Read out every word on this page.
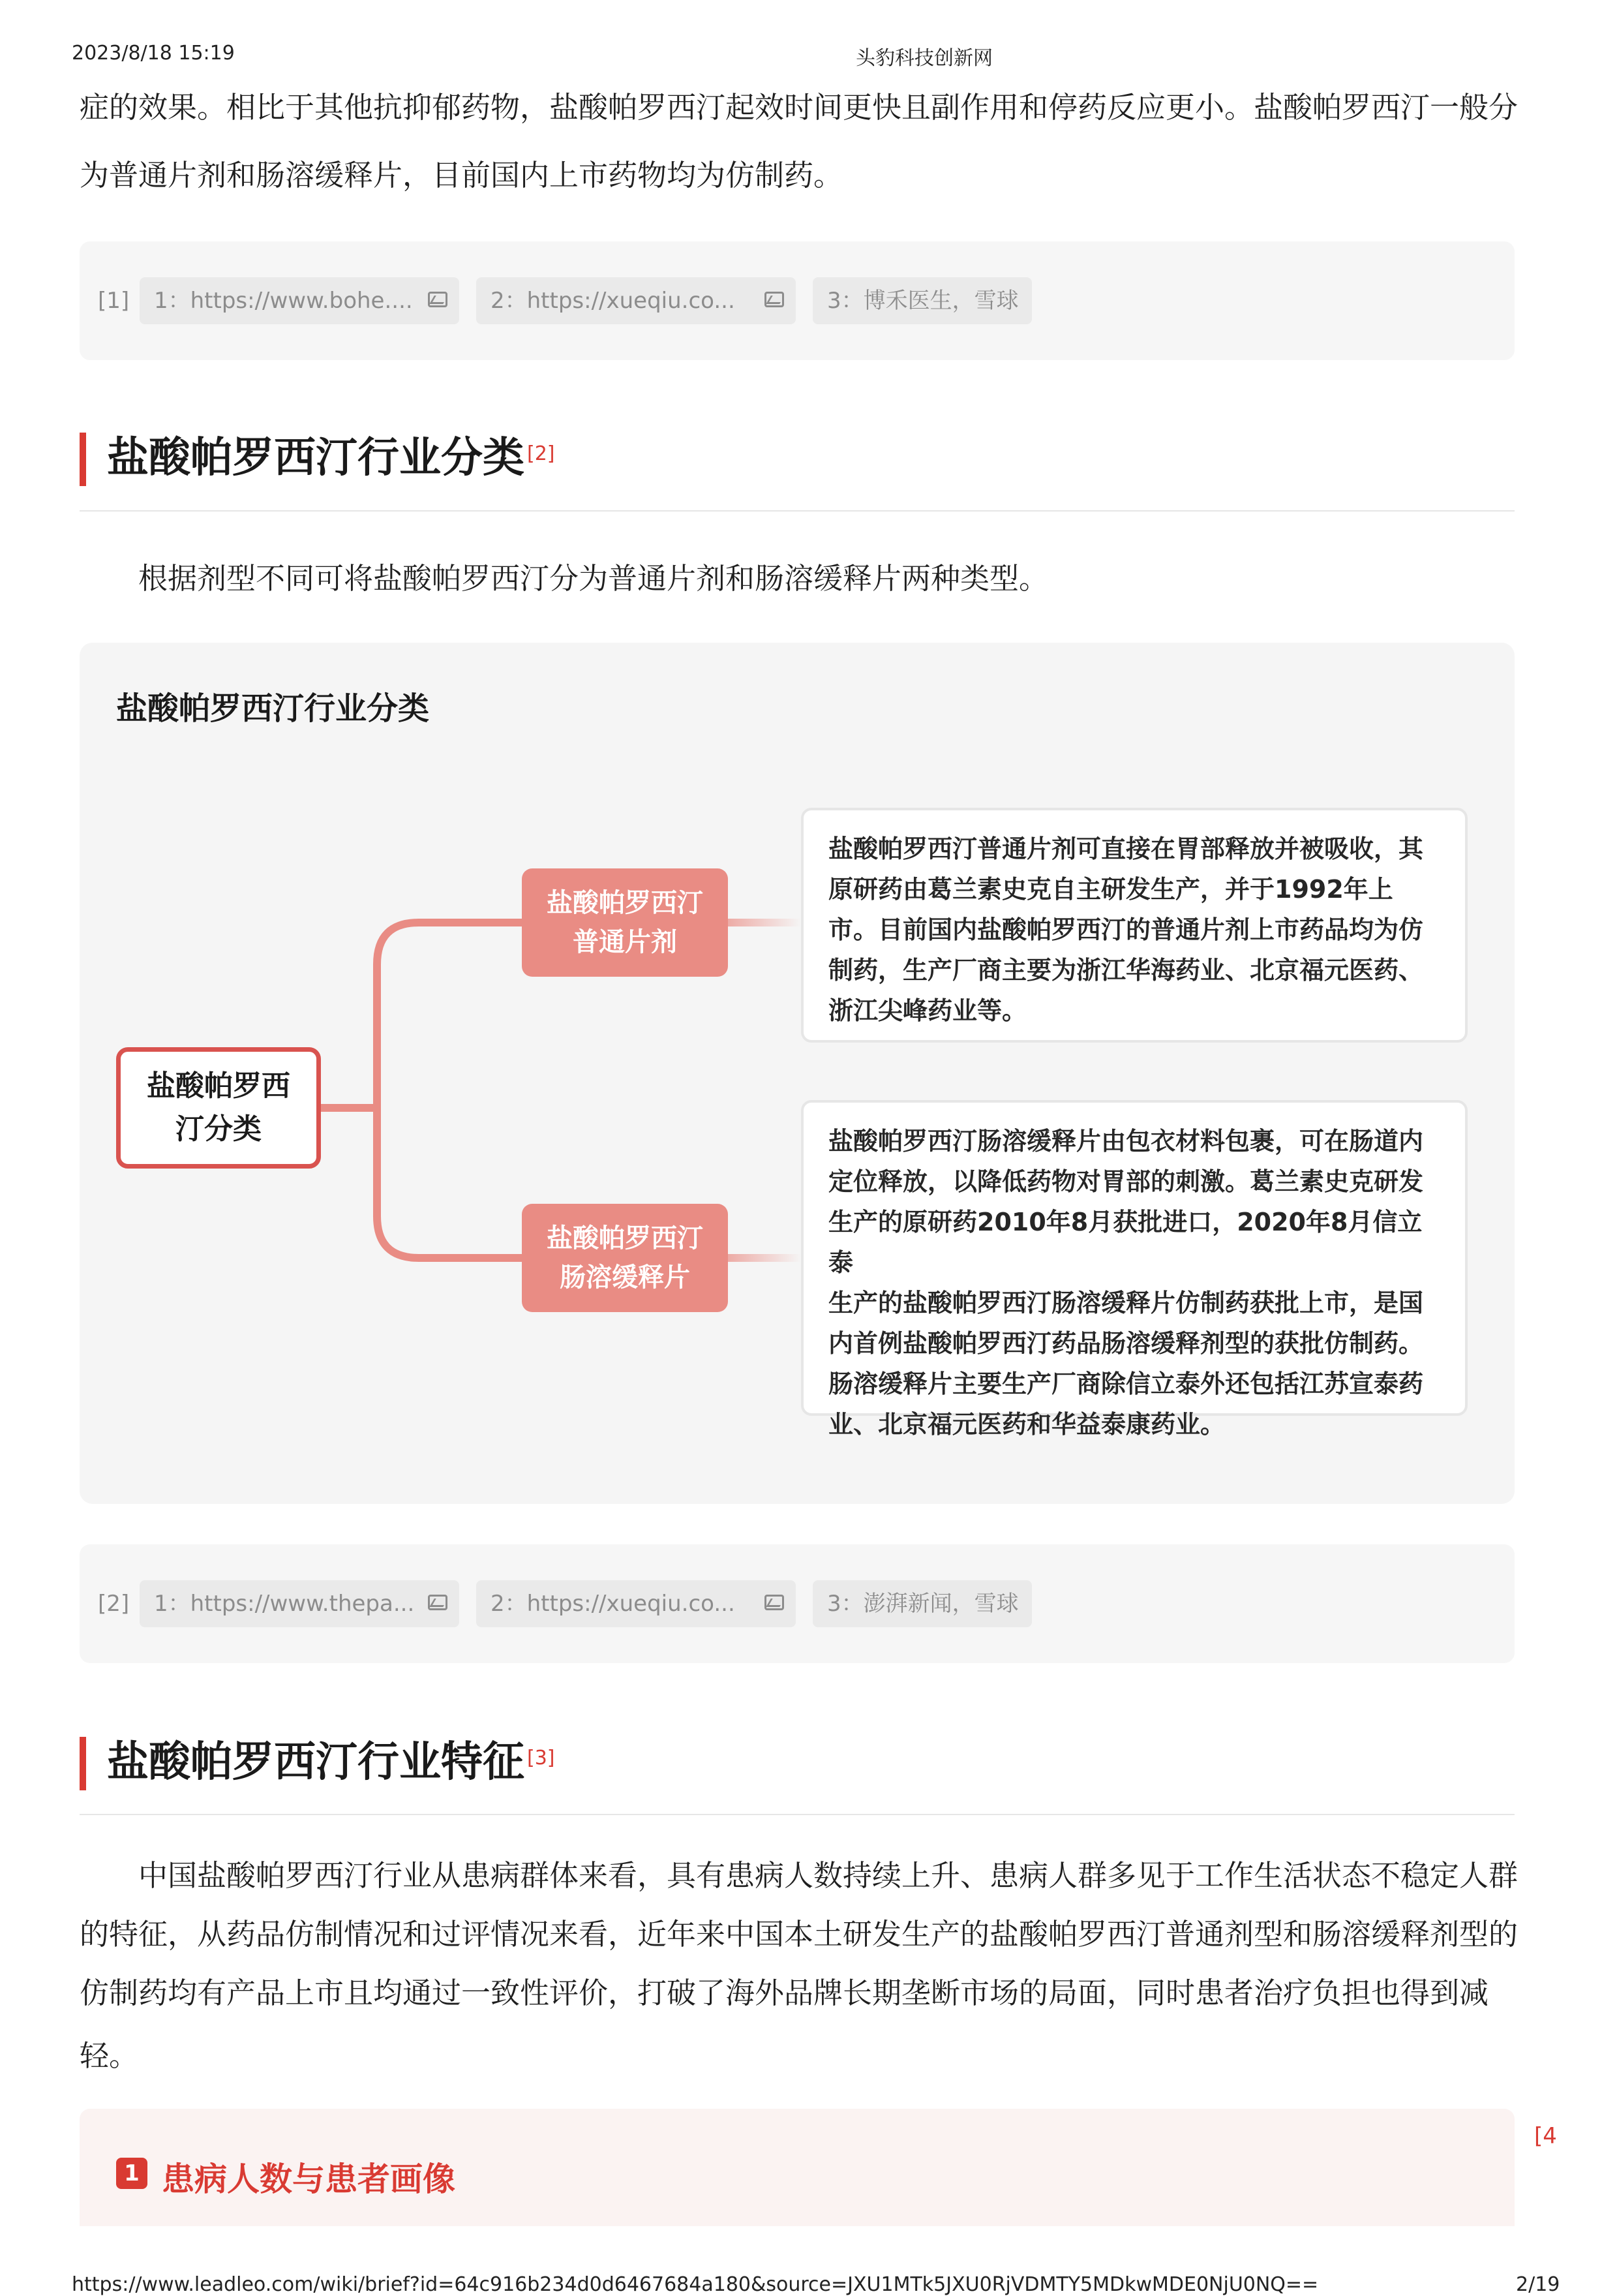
2023/8/18 15:19	头豹科技创新网
症的效果。相比于其他抗抑郁药物，盐酸帕罗西汀起效时间更快且副作用和停药反应更小。盐酸帕罗西汀一般分
为普通片剂和肠溶缓释片，目前国内上市药物均为仿制药。
[1]	1：https://www.bohe....	2：https://xueqiu.co...	3：博禾医生，雪球
盐酸帕罗西汀行业分类 [2]
根据剂型不同可将盐酸帕罗西汀分为普通片剂和肠溶缓释片两种类型。
盐酸帕罗西汀行业分类
盐酸帕罗西
汀分类
盐酸帕罗西汀
普通片剂
盐酸帕罗西汀
肠溶缓释片
盐酸帕罗西汀普通片剂可直接在胃部释放并被吸收，其
原研药由葛兰素史克自主研发生产，并于1992年上
市。目前国内盐酸帕罗西汀的普通片剂上市药品均为仿
制药，生产厂商主要为浙江华海药业、北京福元医药、
浙江尖峰药业等。
盐酸帕罗西汀肠溶缓释片由包衣材料包裹，可在肠道内
定位释放，以降低药物对胃部的刺激。葛兰素史克研发
生产的原研药2010年8月获批进口，2020年8月信立泰
生产的盐酸帕罗西汀肠溶缓释片仿制药获批上市，是国
内首例盐酸帕罗西汀药品肠溶缓释剂型的获批仿制药。
肠溶缓释片主要生产厂商除信立泰外还包括江苏宣泰药
业、北京福元医药和华益泰康药业。
[2]	1：https://www.thepa...	2：https://xueqiu.co...	3：澎湃新闻，雪球
盐酸帕罗西汀行业特征 [3]
中国盐酸帕罗西汀行业从患病群体来看，具有患病人数持续上升、患病人群多见于工作生活状态不稳定人群
的特征，从药品仿制情况和过评情况来看，近年来中国本土研发生产的盐酸帕罗西汀普通剂型和肠溶缓释剂型的
仿制药均有产品上市且均通过一致性评价，打破了海外品牌长期垄断市场的局面，同时患者治疗负担也得到减
轻。
1 患病人数与患者画像
[4
https://www.leadleo.com/wiki/brief?id=64c916b234d0d6467684a180&source=JXU1MTk5JXU0RjVDMTY5MDkwMDE0NjU0NQ==	2/19
